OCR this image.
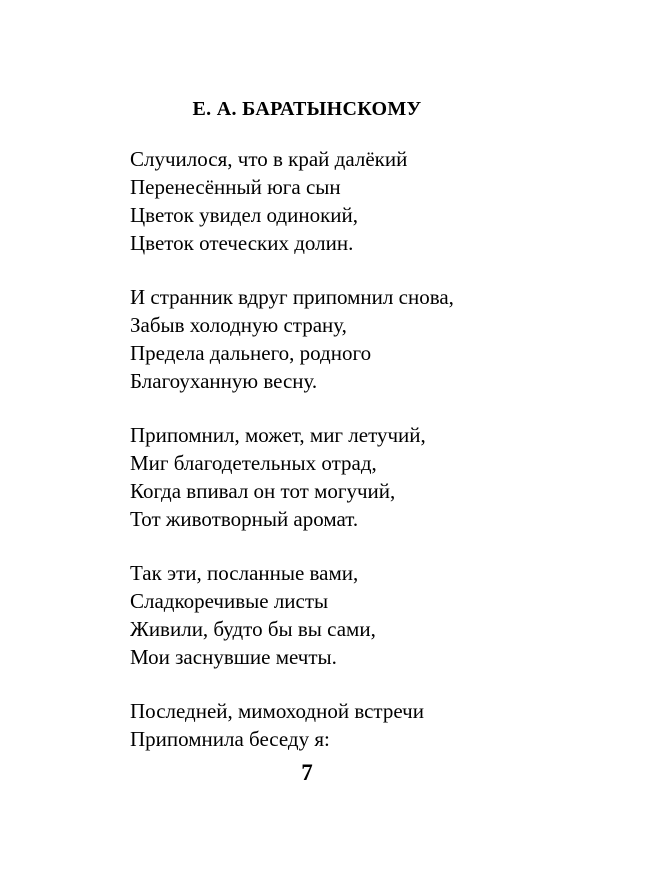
Е. А. БАРАТЫНСКОМУ
Случилося, что в край далёкий
Перенесённый юга сын
Цветок увидел одинокий,
Цветок отеческих долин.
И странник вдруг припомнил снова,
Забыв холодную страну,
Предела дальнего, родного
Благоуханную весну.
Припомнил, может, миг летучий,
Миг благодетельных отрад,
Когда впивал он тот могучий,
Тот животворный аромат.
Так эти, посланные вами,
Сладкоречивые листы
Живили, будто бы вы сами,
Мои заснувшие мечты.
Последней, мимоходной встречи
Припомнила беседу я:
7
